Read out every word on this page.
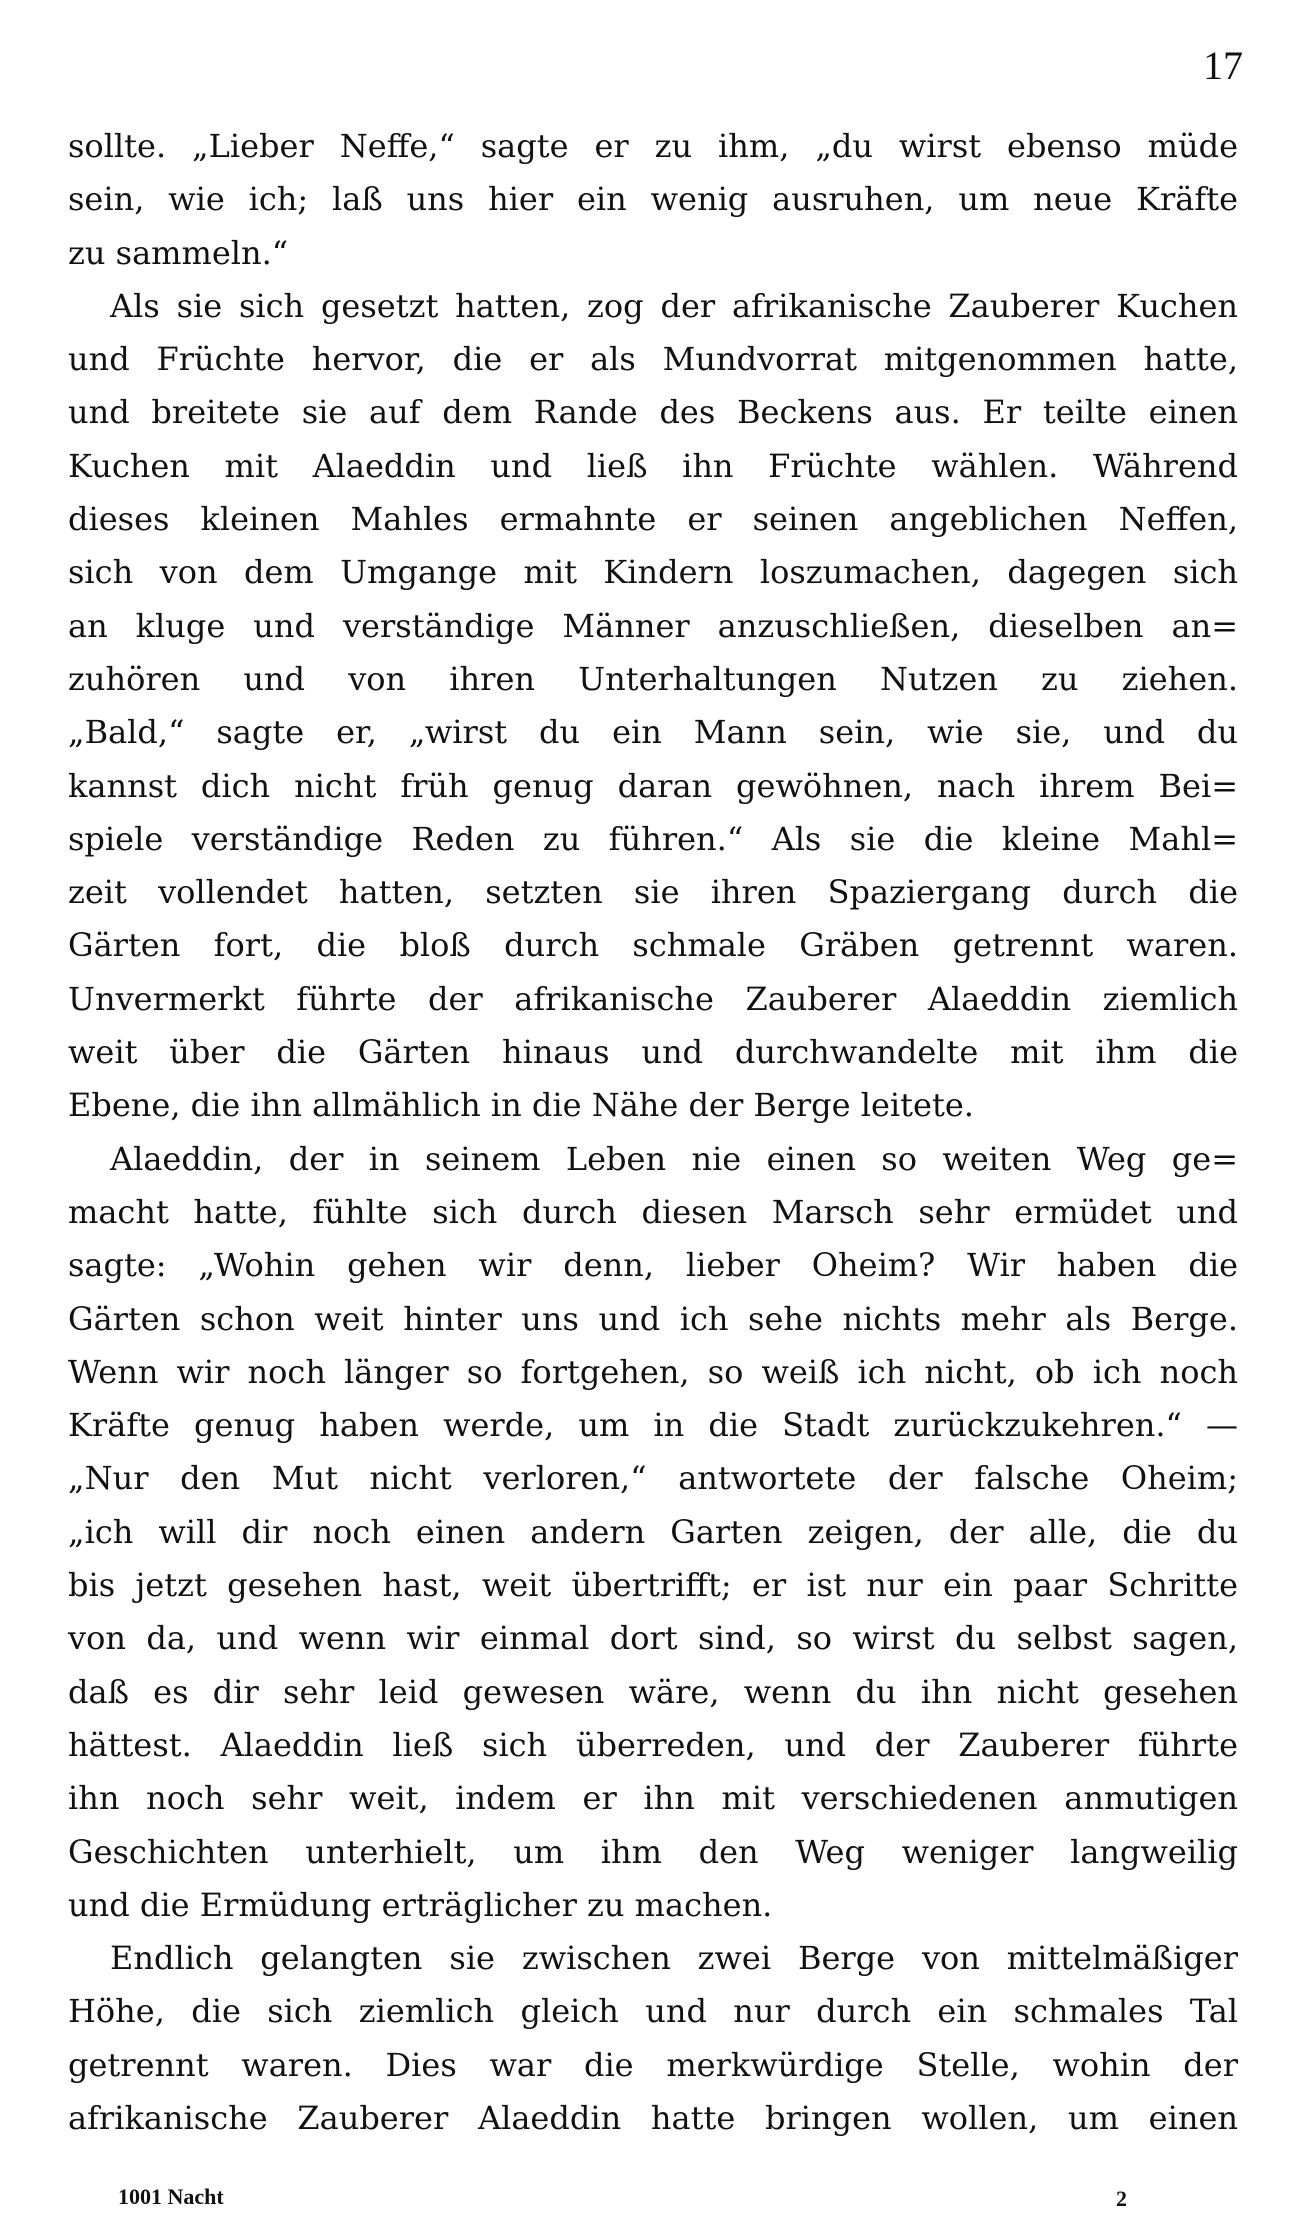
17
sollte. „Lieber Neffe,“ sagte er zu ihm, „du wirst ebenso müde
sein, wie ich; laß uns hier ein wenig ausruhen, um neue Kräfte
zu sammeln.“
Als sie sich gesetzt hatten, zog der afrikanische Zauberer Kuchen
und Früchte hervor, die er als Mundvorrat mitgenommen hatte,
und breitete sie auf dem Rande des Beckens aus. Er teilte einen
Kuchen mit Alaeddin und ließ ihn Früchte wählen. Während
dieses kleinen Mahles ermahnte er seinen angeblichen Neffen,
sich von dem Umgange mit Kindern loszumachen, dagegen sich
an kluge und verständige Männer anzuschließen, dieselben an=
zuhören und von ihren Unterhaltungen Nutzen zu ziehen.
„Bald,“ sagte er, „wirst du ein Mann sein, wie sie, und du
kannst dich nicht früh genug daran gewöhnen, nach ihrem Bei=
spiele verständige Reden zu führen.“ Als sie die kleine Mahl=
zeit vollendet hatten, setzten sie ihren Spaziergang durch die
Gärten fort, die bloß durch schmale Gräben getrennt waren.
Unvermerkt führte der afrikanische Zauberer Alaeddin ziemlich
weit über die Gärten hinaus und durchwandelte mit ihm die
Ebene, die ihn allmählich in die Nähe der Berge leitete.
Alaeddin, der in seinem Leben nie einen so weiten Weg ge=
macht hatte, fühlte sich durch diesen Marsch sehr ermüdet und
sagte: „Wohin gehen wir denn, lieber Oheim? Wir haben die
Gärten schon weit hinter uns und ich sehe nichts mehr als Berge.
Wenn wir noch länger so fortgehen, so weiß ich nicht, ob ich noch
Kräfte genug haben werde, um in die Stadt zurückzukehren.“ —
„Nur den Mut nicht verloren,“ antwortete der falsche Oheim;
„ich will dir noch einen andern Garten zeigen, der alle, die du
bis jetzt gesehen hast, weit übertrifft; er ist nur ein paar Schritte
von da, und wenn wir einmal dort sind, so wirst du selbst sagen,
daß es dir sehr leid gewesen wäre, wenn du ihn nicht gesehen
hättest. Alaeddin ließ sich überreden, und der Zauberer führte
ihn noch sehr weit, indem er ihn mit verschiedenen anmutigen
Geschichten unterhielt, um ihm den Weg weniger langweilig
und die Ermüdung erträglicher zu machen.
Endlich gelangten sie zwischen zwei Berge von mittelmäßiger
Höhe, die sich ziemlich gleich und nur durch ein schmales Tal
getrennt waren. Dies war die merkwürdige Stelle, wohin der
afrikanische Zauberer Alaeddin hatte bringen wollen, um einen
1001 Nacht	2
